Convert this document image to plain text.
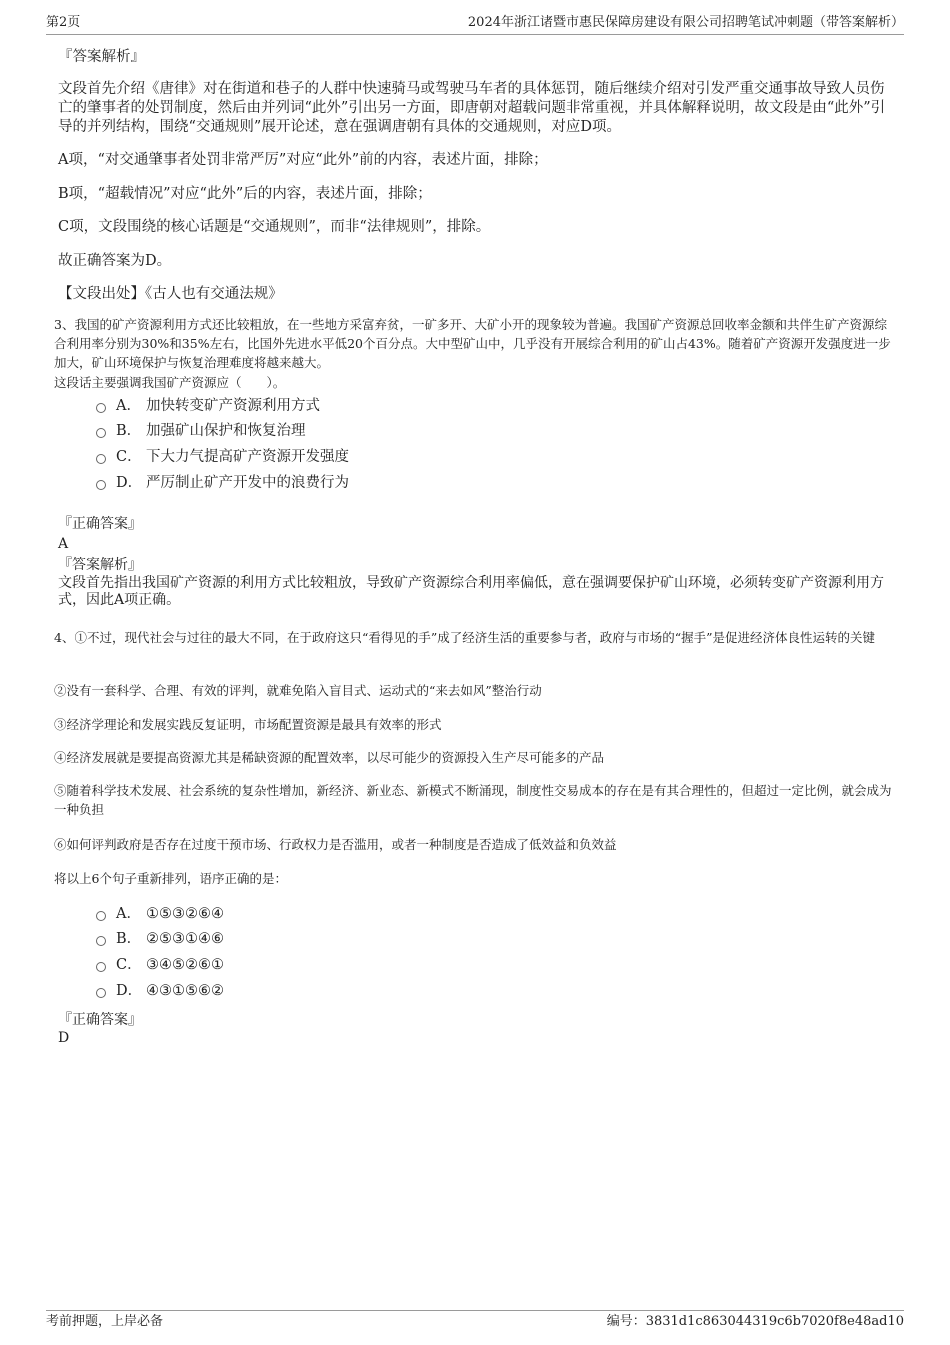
第2页	2024年浙江诸暨市惠民保障房建设有限公司招聘笔试冲刺题（带答案解析）
『答案解析』
文段首先介绍《唐律》对在街道和巷子的人群中快速骑马或驾驶马车者的具体惩罚，随后继续介绍对引发严重交通事故导致人员伤亡的肇事者的处罚制度，然后由并列词“此外”引出另一方面，即唐朝对超载问题非常重视，并具体解释说明，故文段是由“此外”引导的并列结构，围绕“交通规则”展开论述，意在强调唐朝有具体的交通规则，对应D项。
A项，“对交通肇事者处罚非常严厉”对应“此外”前的内容，表述片面，排除；
B项，“超载情况”对应“此外”后的内容，表述片面，排除；
C项，文段围绕的核心话题是“交通规则”，而非“法律规则”，排除。
故正确答案为D。
【文段出处】《古人也有交通法规》
3、我国的矿产资源利用方式还比较粗放，在一些地方采富弃贫，一矿多开、大矿小开的现象较为普遍。我国矿产资源总回收率金额和共伴生矿产资源综合利用率分别为30%和35%左右，比国外先进水平低20个百分点。大中型矿山中，几乎没有开展综合利用的矿山占43%。随着矿产资源开发强度进一步加大，矿山环境保护与恢复治理难度将越来越大。
这段话主要强调我国矿产资源应（　　）。
A． 加快转变矿产资源利用方式
B． 加强矿山保护和恢复治理
C． 下大力气提高矿产资源开发强度
D． 严厉制止矿产开发中的浪费行为
『正确答案』
A
『答案解析』
文段首先指出我国矿产资源的利用方式比较粗放，导致矿产资源综合利用率偏低，意在强调要保护矿山环境，必须转变矿产资源利用方式，因此A项正确。
4、①不过，现代社会与过往的最大不同，在于政府这只“看得见的手”成了经济生活的重要参与者，政府与市场的“握手”是促进经济体良性运转的关键
②没有一套科学、合理、有效的评判，就难免陷入盲目式、运动式的“来去如风”整治行动
③经济学理论和发展实践反复证明，市场配置资源是最具有效率的形式
④经济发展就是要提高资源尤其是稀缺资源的配置效率，以尽可能少的资源投入生产尽可能多的产品
⑤随着科学技术发展、社会系统的复杂性增加，新经济、新业态、新模式不断涌现，制度性交易成本的存在是有其合理性的，但超过一定比例，就会成为一种负担
⑥如何评判政府是否存在过度干预市场、行政权力是否滥用，或者一种制度是否造成了低效益和负效益
将以上6个句子重新排列，语序正确的是：
A． ①⑤③②⑥④
B． ②⑤③①④⑥
C． ③④⑤②⑥①
D． ④③①⑤⑥②
『正确答案』
D
考前押题，上岸必备	编号：3831d1c863044319c6b7020f8e48ad10
